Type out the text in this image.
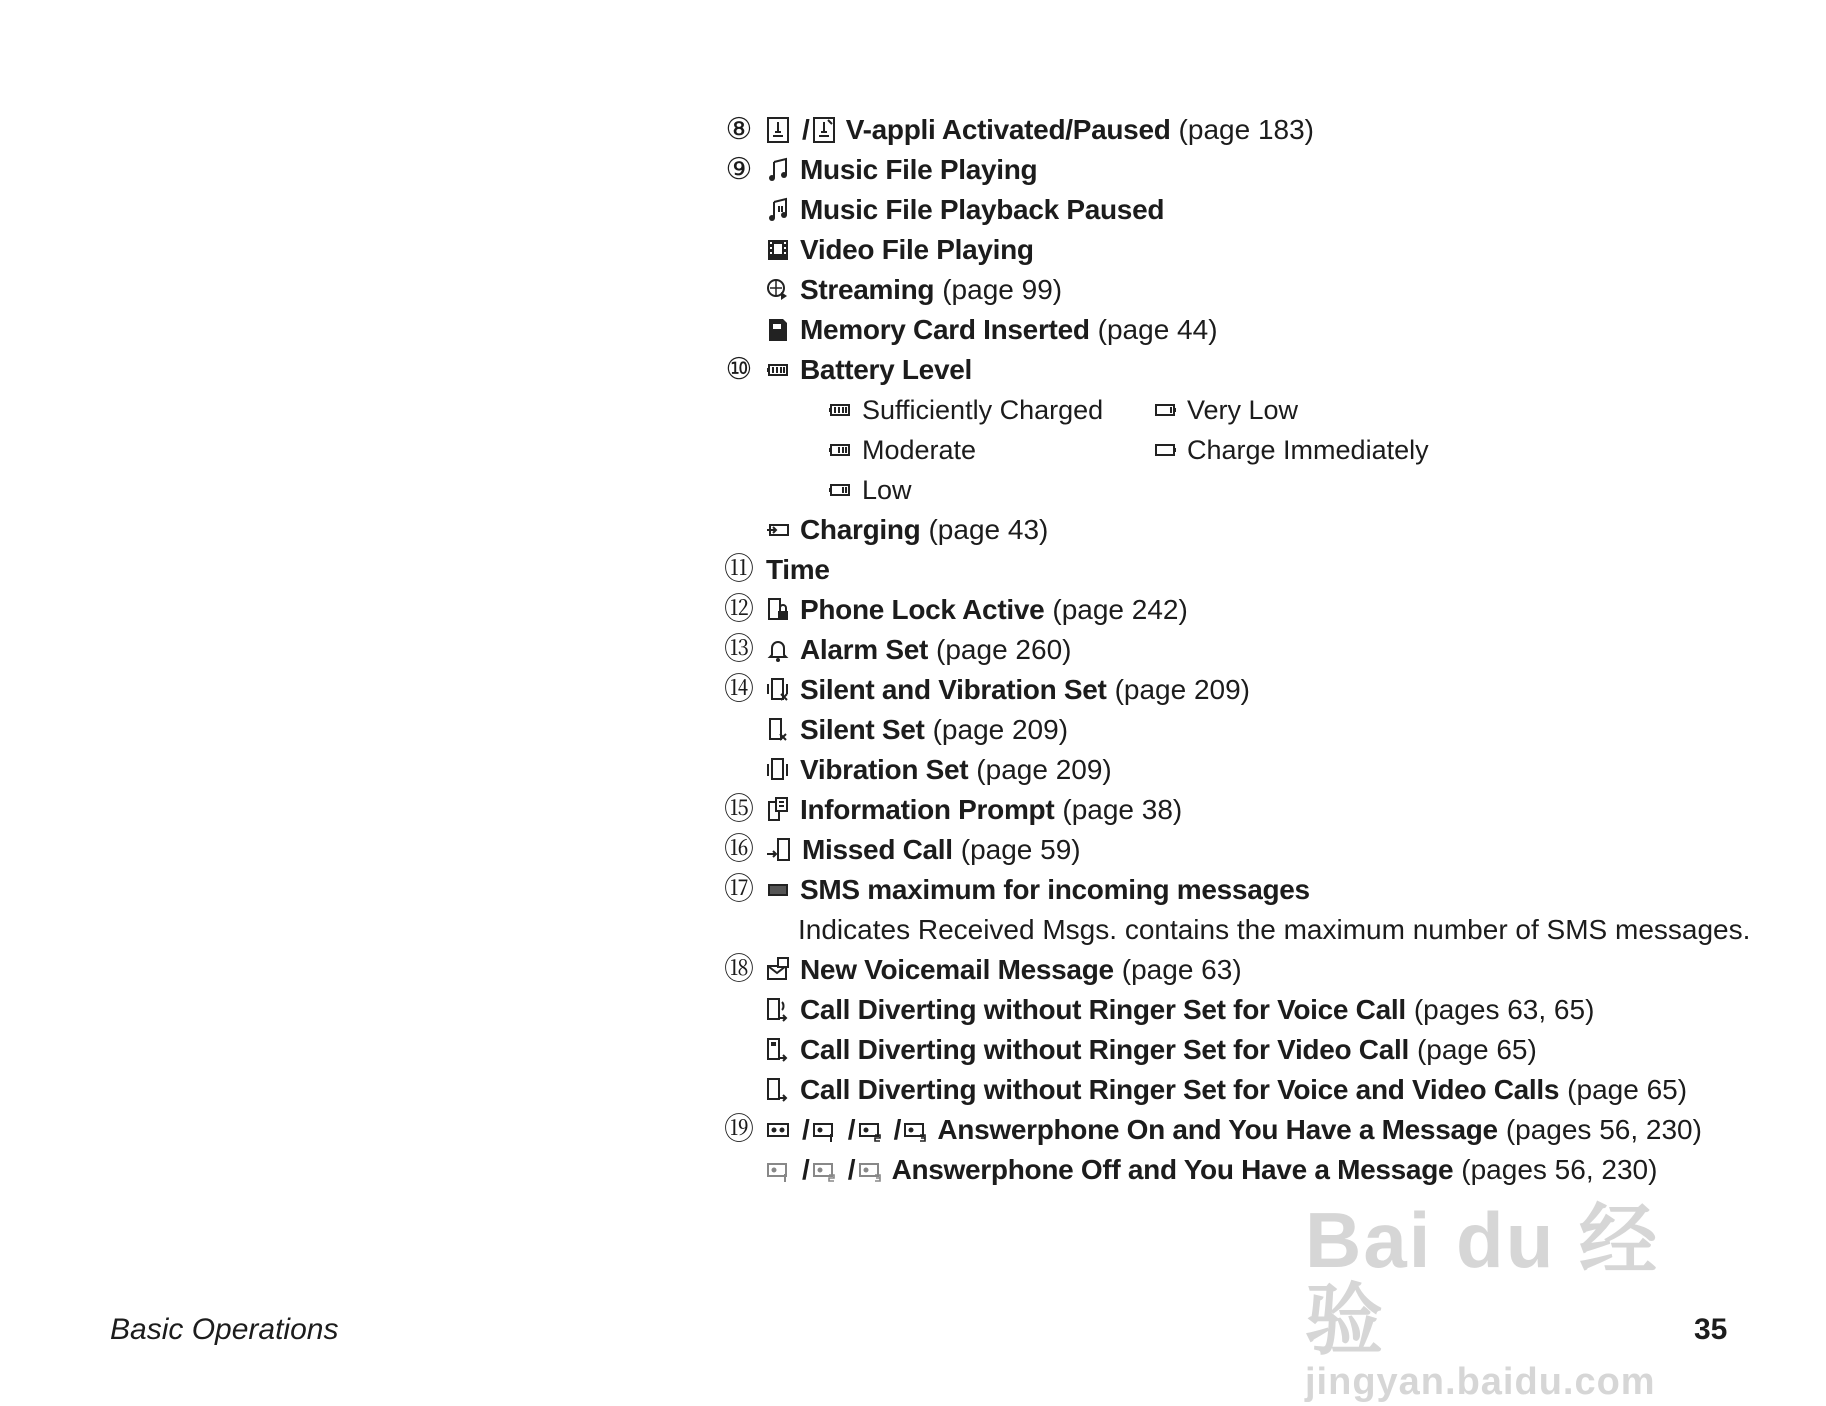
⑧ / V-appli Activated/Paused (page 183)
⑨ Music File Playing
Music File Playback Paused
Video File Playing
Streaming (page 99)
Memory Card Inserted (page 44)
⑩ Battery Level
Sufficiently Charged	Very Low
Moderate	Charge Immediately
Low
Charging (page 43)
⑪ Time
⑫ Phone Lock Active (page 242)
⑬ Alarm Set (page 260)
⑭ Silent and Vibration Set (page 209)
Silent Set (page 209)
Vibration Set (page 209)
⑮ Information Prompt (page 38)
⑯ Missed Call (page 59)
⑰ SMS maximum for incoming messages
Indicates Received Msgs. contains the maximum number of SMS messages.
⑱ New Voicemail Message (page 63)
Call Diverting without Ringer Set for Voice Call (pages 63, 65)
Call Diverting without Ringer Set for Video Call (page 65)
Call Diverting without Ringer Set for Voice and Video Calls (page 65)
⑲ / / / Answerphone On and You Have a Message (pages 56, 230)
/ / Answerphone Off and You Have a Message (pages 56, 230)
Basic Operations	35
Bai du 经验
jingyan.baidu.com
